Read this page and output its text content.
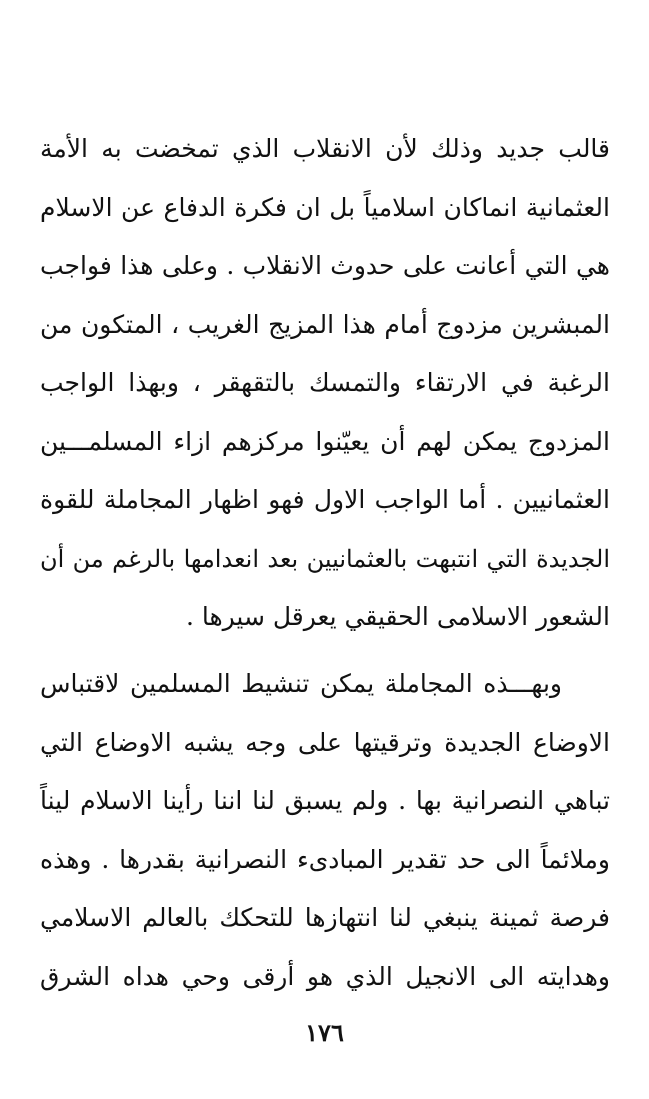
قالب جديد وذلك لأن الانقلاب الذي تمخضت به الأمة
العثمانية انماكان اسلامياً بل ان فكرة الدفاع عن الاسلام
هي التي أعانت على حدوث الانقلاب . وعلى هذا فواجب
المبشرين مزدوج أمام هذا المزيج الغريب ، المتكون من
الرغبة في الارتقاء والتمسك بالتقهقر ، وبهذا الواجب
المزدوج يمكن لهم أن يعيّنوا مركزهم ازاء المسلمـــين
العثمانيين . أما الواجب الاول فهو اظهار المجاملة للقوة
الجديدة التي انتبهت بالعثمانيين بعد انعدامها بالرغم من أن
الشعور الاسلامى الحقيقي يعرقل سيرها .
وبهـــذه المجاملة يمكن تنشيط المسلمين لاقتباس
الاوضاع الجديدة وترقيتها على وجه يشبه الاوضاع التي
تباهي النصرانية بها . ولم يسبق لنا اننا رأينا الاسلام ليناً
وملائماً الى حد تقدير المبادىء النصرانية بقدرها . وهذه
فرصة ثمينة ينبغي لنا انتهازها للتحكك بالعالم الاسلامي
وهدايته الى الانجيل الذي هو أرقى وحي هداه الشرق
١٧٦
